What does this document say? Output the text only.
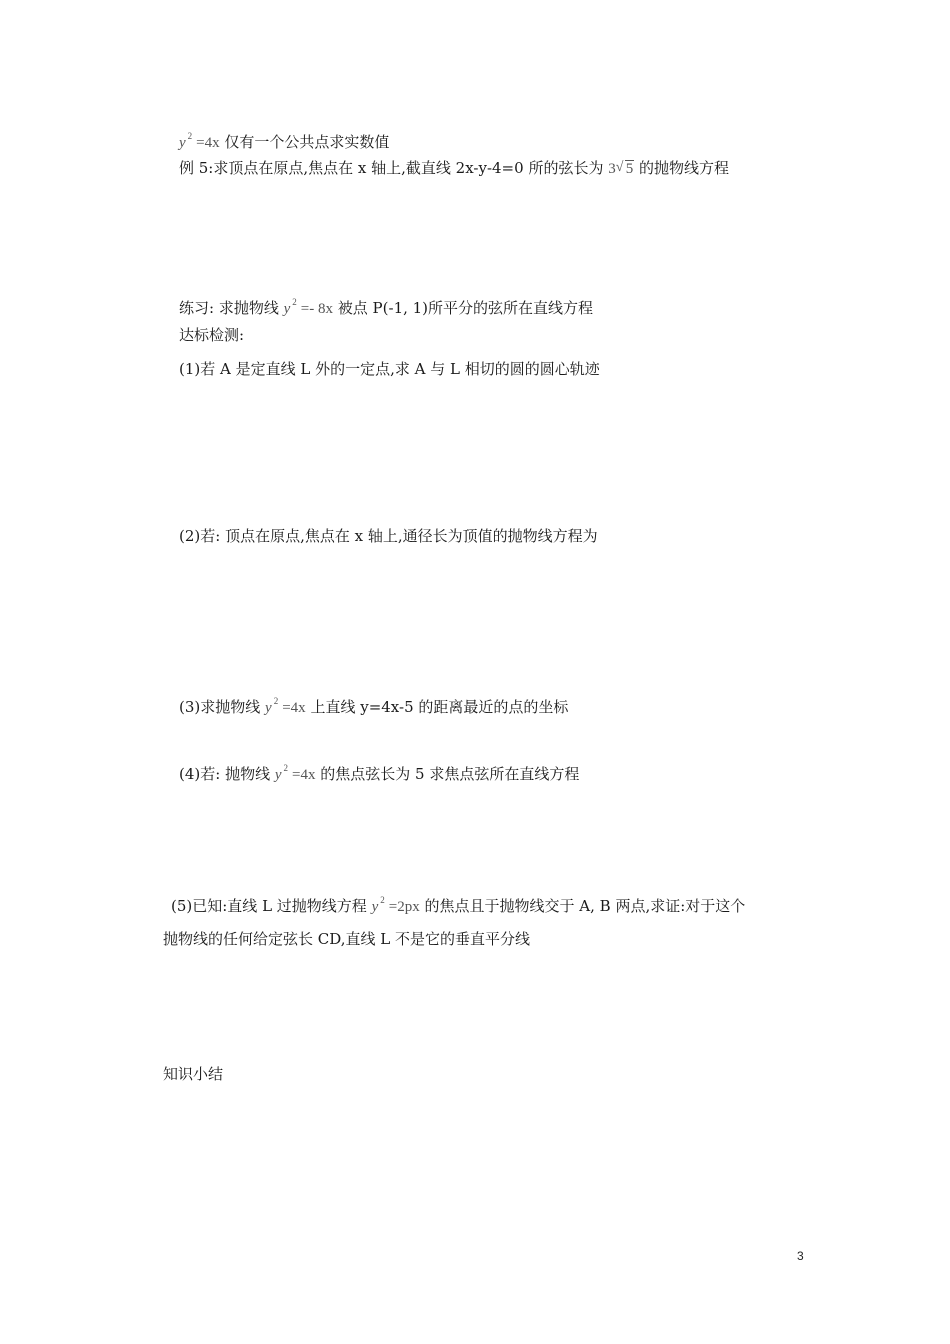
y $^2$ =4x 仅有一个公共点求实数值
例 5:求顶点在原点,焦点在 x 轴上,截直线 2x-y-4=0 所的弦长为 3√ 5 的抛物线方程
练习: 求抛物线 y $^2$ =- 8x 被点 P(-1, 1)所平分的弦所在直线方程
达标检测:
(1)若 A 是定直线 L 外的一定点,求 A 与 L 相切的圆的圆心轨迹
(2)若: 顶点在原点,焦点在 x 轴上,通径长为顶值的抛物线方程为
(3)求抛物线 y $^2$ =4x 上直线 y=4x-5 的距离最近的点的坐标
(4)若: 抛物线 y $^2$ =4x 的焦点弦长为 5 求焦点弦所在直线方程
(5)已知:直线 L 过抛物线方程 y $^2$ =2px 的焦点且于抛物线交于 A, B 两点,求证:对于这个
抛物线的任何给定弦长 CD,直线 L 不是它的垂直平分线
知识小结
3
